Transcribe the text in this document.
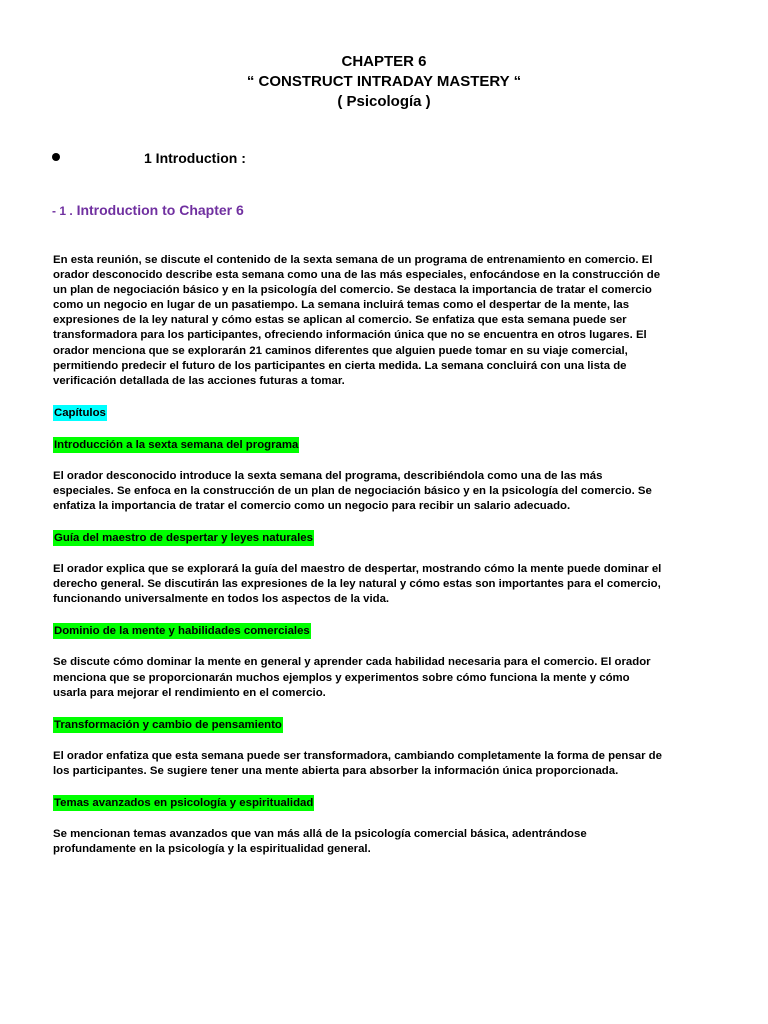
CHAPTER 6
“ CONSTRUCT INTRADAY MASTERY “
( Psicología )
1 Introduction :
- 1 . Introduction to Chapter 6

En esta reunión, se discute el contenido de la sexta semana de un programa de entrenamiento en comercio. El orador desconocido describe esta semana como una de las más especiales, enfocándose en la construcción de un plan de negociación básico y en la psicología del comercio. Se destaca la importancia de tratar el comercio como un negocio en lugar de un pasatiempo. La semana incluirá temas como el despertar de la mente, las expresiones de la ley natural y cómo estas se aplican al comercio. Se enfatiza que esta semana puede ser transformadora para los participantes, ofreciendo información única que no se encuentra en otros lugares. El orador menciona que se explorarán 21 caminos diferentes que alguien puede tomar en su viaje comercial, permitiendo predecir el futuro de los participantes en cierta medida. La semana concluirá con una lista de verificación detallada de las acciones futuras a tomar.

Capítulos
Introducción a la sexta semana del programa

El orador desconocido introduce la sexta semana del programa, describiéndola como una de las más especiales. Se enfoca en la construcción de un plan de negociación básico y en la psicología del comercio. Se enfatiza la importancia de tratar el comercio como un negocio para recibir un salario adecuado.

Guía del maestro de despertar y leyes naturales

El orador explica que se explorará la guía del maestro de despertar, mostrando cómo la mente puede dominar el derecho general. Se discutirán las expresiones de la ley natural y cómo estas son importantes para el comercio, funcionando universalmente en todos los aspectos de la vida.

Dominio de la mente y habilidades comerciales

Se discute cómo dominar la mente en general y aprender cada habilidad necesaria para el comercio. El orador menciona que se proporcionarán muchos ejemplos y experimentos sobre cómo funciona la mente y cómo usarla para mejorar el rendimiento en el comercio.

Transformación y cambio de pensamiento

El orador enfatiza que esta semana puede ser transformadora, cambiando completamente la forma de pensar de los participantes. Se sugiere tener una mente abierta para absorber la información única proporcionada.

Temas avanzados en psicología y espiritualidad

Se mencionan temas avanzados que van más allá de la psicología comercial básica, adentrándose profundamente en la psicología y la espiritualidad general.
